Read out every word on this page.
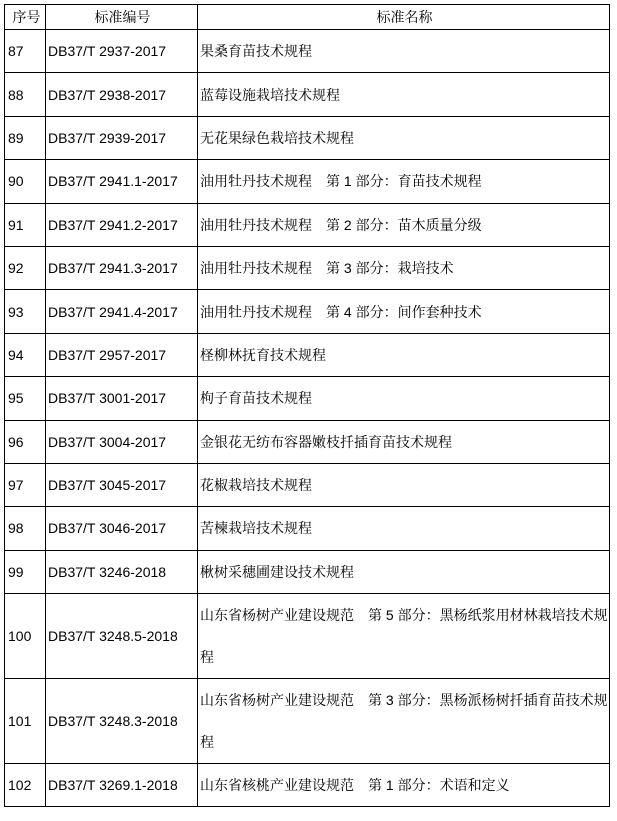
序号	标准编号	标准名称
87	DB37/T 2937-2017	果桑育苗技术规程
88	DB37/T 2938-2017	蓝莓设施栽培技术规程
89	DB37/T 2939-2017	无花果绿色栽培技术规程
90	DB37/T 2941.1-2017	油用牡丹技术规程　第 1 部分：育苗技术规程
91	DB37/T 2941.2-2017	油用牡丹技术规程　第 2 部分：苗木质量分级
92	DB37/T 2941.3-2017	油用牡丹技术规程　第 3 部分：栽培技术
93	DB37/T 2941.4-2017	油用牡丹技术规程　第 4 部分：间作套种技术
94	DB37/T 2957-2017	柽柳林抚育技术规程
95	DB37/T 3001-2017	枸子育苗技术规程
96	DB37/T 3004-2017	金银花无纺布容器嫩枝扦插育苗技术规程
97	DB37/T 3045-2017	花椒栽培技术规程
98	DB37/T 3046-2017	苦楝栽培技术规程
99	DB37/T 3246-2018	楸树采穗圃建设技术规程
100	DB37/T 3248.5-2018	山东省杨树产业建设规范　第 5 部分：黑杨纸浆用材林栽培技术规程
101	DB37/T 3248.3-2018	山东省杨树产业建设规范　第 3 部分：黑杨派杨树扦插育苗技术规程
102	DB37/T 3269.1-2018	山东省核桃产业建设规范　第 1 部分：术语和定义
